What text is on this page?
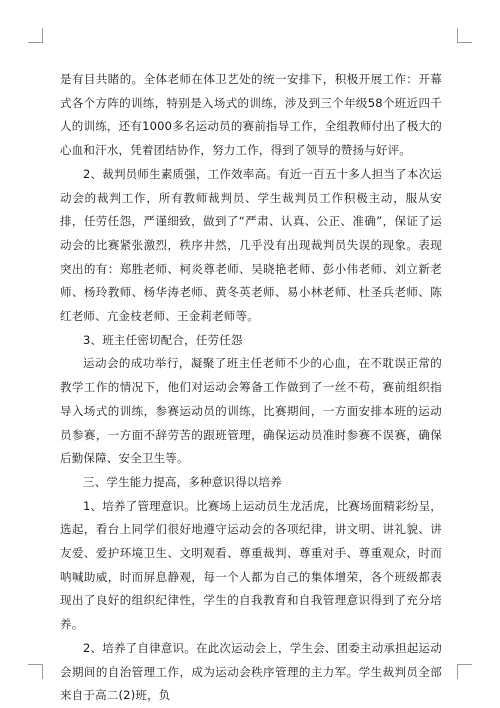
是有目共睹的。全体老师在体卫艺处的统一安排下，积极开展工作：开幕式各个方阵的训练，特别是入场式的训练，涉及到三个年级58个班近四千人的训练，还有1000多名运动员的赛前指导工作，全组教师付出了极大的心血和汗水，凭着团结协作，努力工作，得到了领导的赞扬与好评。

2、裁判员师生素质强，工作效率高。有近一百五十多人担当了本次运动会的裁判工作，所有教师裁判员、学生裁判员工作积极主动，服从安排，任劳任怨，严谨细致，做到了“严肃、认真、公正、准确”，保证了运动会的比赛紧张激烈，秩序井然，几乎没有出现裁判员失误的现象。表现突出的有：郑胜老师、柯炎尊老师、吴晓艳老师、彭小伟老师、刘立新老师、杨玲教师、杨华涛老师、黄冬英老师、易小林老师、杜圣兵老师、陈红老师、亢金枝老师、王金莉老师等。

3、班主任密切配合，任劳任怨

运动会的成功举行，凝聚了班主任老师不少的心血，在不耽误正常的教学工作的情况下，他们对运动会筹备工作做到了一丝不苟，赛前组织指导入场式的训练，参赛运动员的训练，比赛期间，一方面安排本班的运动员参赛，一方面不辞劳苦的跟班管理，确保运动员准时参赛不误赛，确保后勤保障、安全卫生等。

三、学生能力提高，多种意识得以培养

1、培养了管理意识。比赛场上运动员生龙活虎，比赛场面精彩纷呈，选起，看台上同学们很好地遵守运动会的各项纪律，讲文明、讲礼貌、讲友爱、爱护环境卫生、文明观看、尊重裁判、尊重对手、尊重观众，时而呐喊助威，时而屏息静观，每一个人都为自己的集体增荣，各个班级都表现出了良好的组织纪律性，学生的自我教育和自我管理意识得到了充分培养。

2、培养了自律意识。在此次运动会上，学生会、团委主动承担起运动会期间的自治管理工作，成为运动会秩序管理的主力军。学生裁判员全部来自于高二(2)班，负
